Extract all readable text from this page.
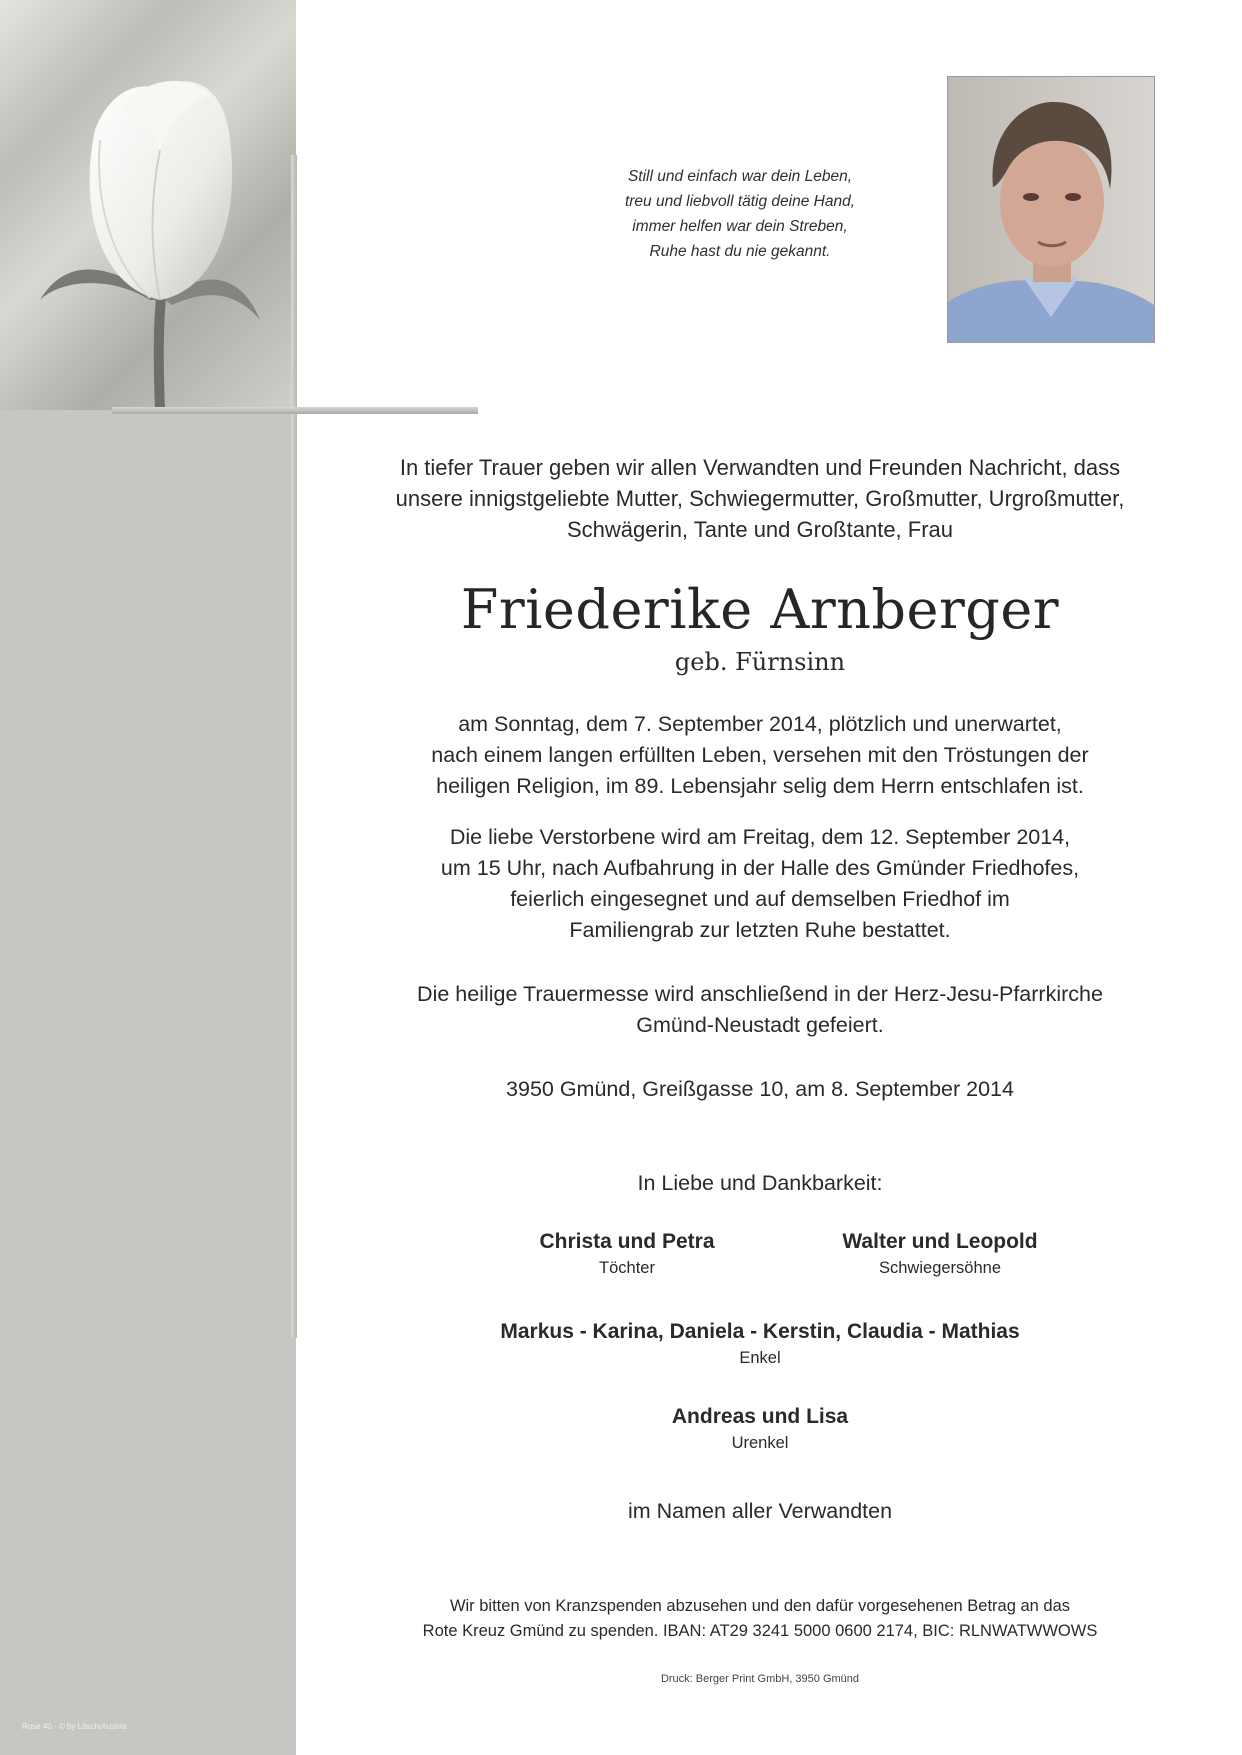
Rose 40 - © by Lösch/Austria
Still und einfach war dein Leben,
treu und liebvoll tätig deine Hand,
immer helfen war dein Streben,
Ruhe hast du nie gekannt.
In tiefer Trauer geben wir allen Verwandten und Freunden Nachricht, dass
unsere innigstgeliebte Mutter, Schwiegermutter, Großmutter, Urgroßmutter,
Schwägerin, Tante und Großtante, Frau
Friederike Arnberger
geb. Fürnsinn
am Sonntag, dem 7. September 2014, plötzlich und unerwartet,
nach einem langen erfüllten Leben, versehen mit den Tröstungen der
heiligen Religion, im 89. Lebensjahr selig dem Herrn entschlafen ist.
Die liebe Verstorbene wird am Freitag, dem 12. September 2014,
um 15 Uhr, nach Aufbahrung in der Halle des Gmünder Friedhofes,
feierlich eingesegnet und auf demselben Friedhof im
Familiengrab zur letzten Ruhe bestattet.
Die heilige Trauermesse wird anschließend in der Herz-Jesu-Pfarrkirche
Gmünd-Neustadt gefeiert.
3950 Gmünd, Greißgasse 10, am 8. September 2014
In Liebe und Dankbarkeit:
Christa und Petra
Töchter
Walter und Leopold
Schwiegersöhne
Markus - Karina, Daniela - Kerstin, Claudia - Mathias
Enkel
Andreas und Lisa
Urenkel
im Namen aller Verwandten
Wir bitten von Kranzspenden abzusehen und den dafür vorgesehenen Betrag an das
Rote Kreuz Gmünd zu spenden. IBAN: AT29 3241 5000 0600 2174, BIC: RLNWATWWOWS
Druck: Berger Print GmbH, 3950 Gmünd
